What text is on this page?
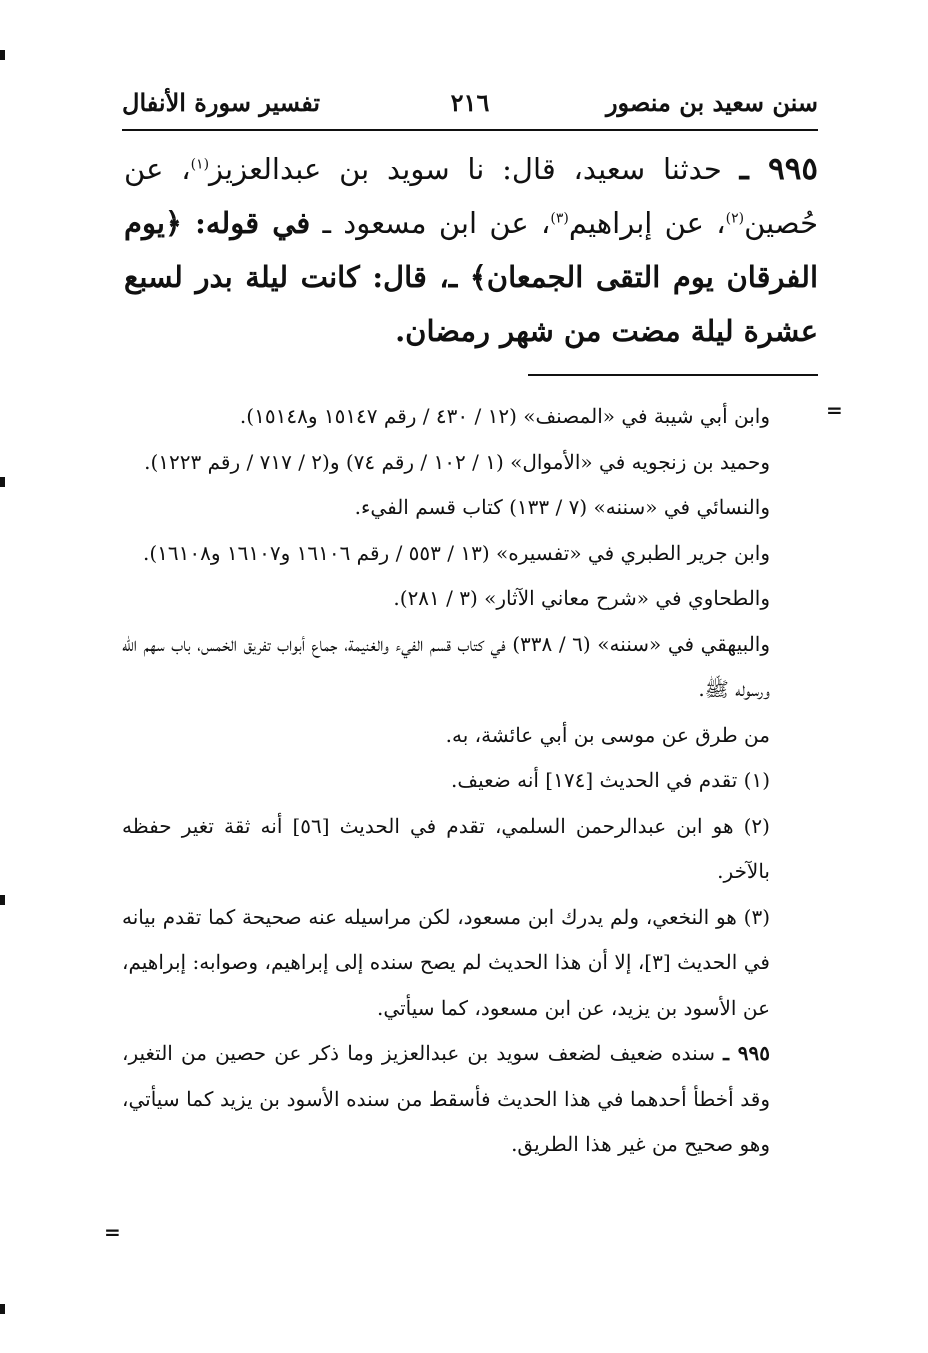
سنن سعيد بن منصور
٢١٦
تفسير سورة الأنفال

٩٩٥ ـ حدثنا سعيد، قال: نا سويد بن عبدالعزيز$^{(١)}$، عن حُصين$^{(٢)}$، عن إبراهيم$^{(٣)}$، عن ابن مسعود ـ في قوله: ﴿يوم الفرقان يوم التقى الجمعان﴾ ـ، قال: كانت ليلة بدر لسبع عشرة ليلة مضت من شهر رمضان.

=
=

وابن أبي شيبة في «المصنف» (١٢ / ٤٣٠ / رقم ١٥١٤٧ و١٥١٤٨).

وحميد بن زنجويه في «الأموال» (١ / ١٠٢ / رقم ٧٤) و(٢ / ٧١٧ / رقم ١٢٢٣).

والنسائي في «سننه» (٧ / ١٣٣) كتاب قسم الفيء.

وابن جرير الطبري في «تفسيره» (١٣ / ٥٥٣ / رقم ١٦١٠٦ و١٦١٠٧ و١٦١٠٨).

والطحاوي في «شرح معاني الآثار» (٣ / ٢٨١).

والبيهقي في «سننه» (٦ / ٣٣٨) في كتاب قسم الفيء والغنيمة، جماع أبواب تفريق الخمس، باب سهم الله ورسوله ﷺ.

من طرق عن موسى بن أبي عائشة، به.

(١) تقدم في الحديث [١٧٤] أنه ضعيف.

(٢) هو ابن عبدالرحمن السلمي، تقدم في الحديث [٥٦] أنه ثقة تغير حفظه بالآخر.

(٣) هو النخعي، ولم يدرك ابن مسعود، لكن مراسيله عنه صحيحة كما تقدم بيانه في الحديث [٣]، إلا أن هذا الحديث لم يصح سنده إلى إبراهيم، وصوابه: إبراهيم، عن الأسود بن يزيد، عن ابن مسعود، كما سيأتي.

٩٩٥ ـ سنده ضعيف لضعف سويد بن عبدالعزيز وما ذكر عن حصين من التغير، وقد أخطأ أحدهما في هذا الحديث فأسقط من سنده الأسود بن يزيد كما سيأتي، وهو صحيح من غير هذا الطريق.
